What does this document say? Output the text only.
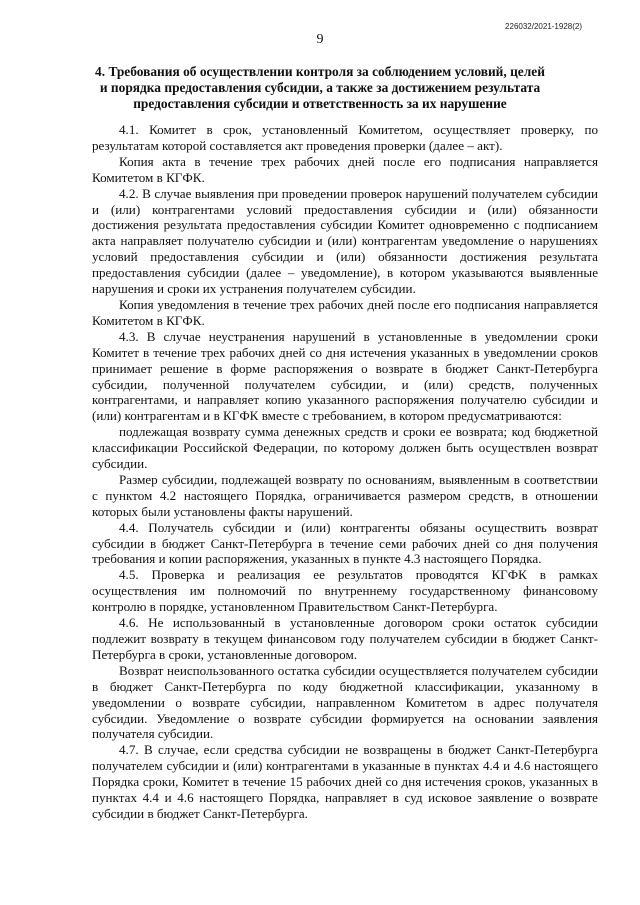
226032/2021-1928(2)
9
4. Требования об осуществлении контроля за соблюдением условий, целей
и порядка предоставления субсидии, а также за достижением результата
предоставления субсидии и ответственность за их нарушение

4.1. Комитет в срок, установленный Комитетом, осуществляет проверку, по результатам которой составляется акт проведения проверки (далее – акт).

Копия акта в течение трех рабочих дней после его подписания направляется Комитетом в КГФК.

4.2. В случае выявления при проведении проверок нарушений получателем субсидии и (или) контрагентами условий предоставления субсидии и (или) обязанности достижения результата предоставления субсидии Комитет одновременно с подписанием акта направляет получателю субсидии и (или) контрагентам уведомление о нарушениях условий предоставления субсидии и (или) обязанности достижения результата предоставления субсидии (далее – уведомление), в котором указываются выявленные нарушения и сроки их устранения получателем субсидии.

Копия уведомления в течение трех рабочих дней после его подписания направляется Комитетом в КГФК.

4.3. В случае неустранения нарушений в установленные в уведомлении сроки Комитет в течение трех рабочих дней со дня истечения указанных в уведомлении сроков принимает решение в форме распоряжения о возврате в бюджет Санкт-Петербурга субсидии, полученной получателем субсидии, и (или) средств, полученных контрагентами, и направляет копию указанного распоряжения получателю субсидии и (или) контрагентам и в КГФК вместе с требованием, в котором предусматриваются:

подлежащая возврату сумма денежных средств и сроки ее возврата; код бюджетной классификации Российской Федерации, по которому должен быть осуществлен возврат субсидии.

Размер субсидии, подлежащей возврату по основаниям, выявленным в соответствии с пунктом 4.2 настоящего Порядка, ограничивается размером средств, в отношении которых были установлены факты нарушений.

4.4. Получатель субсидии и (или) контрагенты обязаны осуществить возврат субсидии в бюджет Санкт-Петербурга в течение семи рабочих дней со дня получения требования и копии распоряжения, указанных в пункте 4.3 настоящего Порядка.

4.5. Проверка и реализация ее результатов проводятся КГФК в рамках осуществления им полномочий по внутреннему государственному финансовому контролю в порядке, установленном Правительством Санкт-Петербурга.

4.6. Не использованный в установленные договором сроки остаток субсидии подлежит возврату в текущем финансовом году получателем субсидии в бюджет Санкт-Петербурга в сроки, установленные договором.

Возврат неиспользованного остатка субсидии осуществляется получателем субсидии в бюджет Санкт-Петербурга по коду бюджетной классификации, указанному в уведомлении о возврате субсидии, направленном Комитетом в адрес получателя субсидии. Уведомление о возврате субсидии формируется на основании заявления получателя субсидии.

4.7. В случае, если средства субсидии не возвращены в бюджет Санкт-Петербурга получателем субсидии и (или) контрагентами в указанные в пунктах 4.4 и 4.6 настоящего Порядка сроки, Комитет в течение 15 рабочих дней со дня истечения сроков, указанных в пунктах 4.4 и 4.6 настоящего Порядка, направляет в суд исковое заявление о возврате субсидии в бюджет Санкт-Петербурга.
